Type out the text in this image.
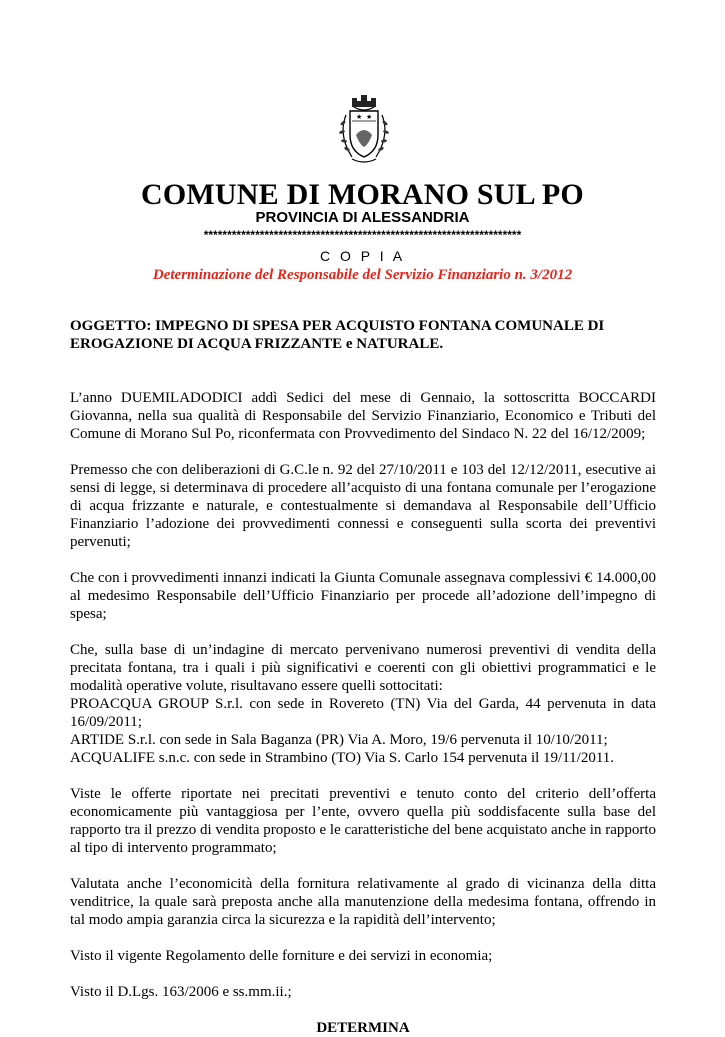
★ ★
COMUNE DI MORANO SUL PO
PROVINCIA DI ALESSANDRIA
********************************************************************
C O P I A
Determinazione del Responsabile del Servizio Finanziario n. 3/2012

OGGETTO: IMPEGNO DI SPESA PER ACQUISTO FONTANA COMUNALE DI EROGAZIONE DI ACQUA FRIZZANTE e NATURALE.

L’anno DUEMILADODICI addì Sedici del mese di Gennaio, la sottoscritta BOCCARDI Giovanna, nella sua qualità di Responsabile del Servizio Finanziario, Economico e Tributi del Comune di Morano Sul Po, riconfermata con Provvedimento del Sindaco N. 22 del 16/12/2009;

Premesso che con deliberazioni di G.C.le n. 92 del 27/10/2011 e 103 del 12/12/2011, esecutive ai sensi di legge, si determinava di procedere all’acquisto di una fontana comunale per l’erogazione di acqua frizzante e naturale, e contestualmente si demandava al Responsabile dell’Ufficio Finanziario l’adozione dei provvedimenti connessi e conseguenti sulla scorta dei preventivi pervenuti;

Che con i provvedimenti innanzi indicati la Giunta Comunale assegnava complessivi € 14.000,00 al medesimo Responsabile dell’Ufficio Finanziario per procede all’adozione dell’impegno di spesa;

Che, sulla base di un’indagine di mercato pervenivano numerosi preventivi di vendita della precitata fontana, tra i quali i più significativi e coerenti con gli obiettivi programmatici e le modalità operative volute, risultavano essere quelli sottocitati:

PROACQUA GROUP S.r.l. con sede in Rovereto (TN) Via del Garda, 44 pervenuta in data 16/09/2011;

ARTIDE S.r.l. con sede in Sala Baganza (PR) Via A. Moro, 19/6 pervenuta il 10/10/2011;

ACQUALIFE s.n.c. con sede in Strambino (TO) Via S. Carlo 154 pervenuta il 19/11/2011.

Viste le offerte riportate nei precitati preventivi e tenuto conto del criterio dell’offerta economicamente più vantaggiosa per l’ente, ovvero quella più soddisfacente sulla base del rapporto tra il prezzo di vendita proposto e le caratteristiche del bene acquistato anche in rapporto al tipo di intervento programmato;

Valutata anche l’economicità della fornitura relativamente al grado di vicinanza della ditta venditrice, la quale sarà preposta anche alla manutenzione della medesima fontana, offrendo in tal modo ampia garanzia circa la sicurezza e la rapidità dell’intervento;

Visto il vigente Regolamento delle forniture e dei servizi in economia;

Visto il D.Lgs. 163/2006 e ss.mm.ii.;

DETERMINA
